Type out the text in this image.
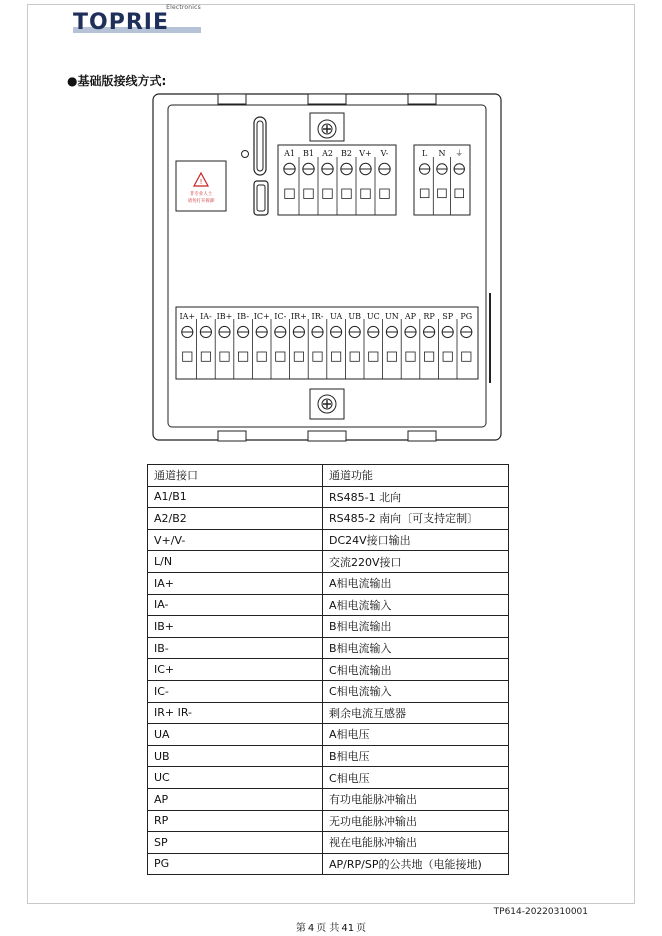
TOPRIE
Electronics
●基础版接线方式:
!
非专业人士
请勿打开拆卸
A1 B1 A2 B2 V+ V-	L N ⏚
IA+ IA- IB+ IB- IC+ IC- IR+ IR- UA UB UC UN AP RP SP PG
通道接口	通道功能
A1/B1	RS485-1 北向
A2/B2	RS485-2 南向〔可支持定制〕
V+/V-	DC24V接口输出
L/N	交流220V接口
IA+	A相电流输出
IA-	A相电流输入
IB+	B相电流输出
IB-	B相电流输入
IC+	C相电流输出
IC-	C相电流输入
IR+ IR-	剩余电流互感器
UA	A相电压
UB	B相电压
UC	C相电压
AP	有功电能脉冲输出
RP	无功电能脉冲输出
SP	视在电能脉冲输出
PG	AP/RP/SP的公共地（电能接地)
TP614-20220310001
第 4 页 共 41 页
